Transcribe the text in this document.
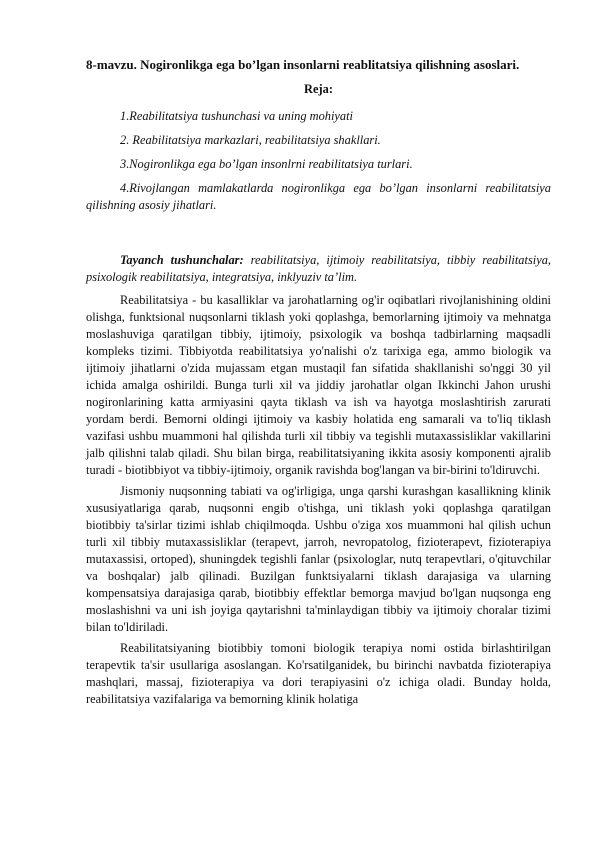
8-mavzu. Nogironlikga ega bo’lgan insonlarni reablitatsiya qilishning asoslari.
Reja:
1.Reabilitatsiya tushunchasi va uning mohiyati
2. Reabilitatsiya markazlari, reabilitatsiya shakllari.
3.Nogironlikga ega bo’lgan insonlrni reabilitatsiya turlari.
4.Rivojlangan mamlakatlarda nogironlikga ega bo’lgan insonlarni reabilitatsiya qilishning asosiy jihatlari.
Tayanch tushunchalar: reabilitatsiya, ijtimoiy reabilitatsiya, tibbiy reabilitatsiya, psixologik reabilitatsiya, integratsiya, inklyuziv ta’lim.
Reabilitatsiya - bu kasalliklar va jarohatlarning og'ir oqibatlari rivojlanishining oldini olishga, funktsional nuqsonlarni tiklash yoki qoplashga, bemorlarning ijtimoiy va mehnatga moslashuviga qaratilgan tibbiy, ijtimoiy, psixologik va boshqa tadbirlarning maqsadli kompleks tizimi. Tibbiyotda reabilitatsiya yo'nalishi o'z tarixiga ega, ammo biologik va ijtimoiy jihatlarni o'zida mujassam etgan mustaqil fan sifatida shakllanishi so'nggi 30 yil ichida amalga oshirildi. Bunga turli xil va jiddiy jarohatlar olgan Ikkinchi Jahon urushi nogironlarining katta armiyasini qayta tiklash va ish va hayotga moslashtirish zarurati yordam berdi. Bemorni oldingi ijtimoiy va kasbiy holatida eng samarali va to'liq tiklash vazifasi ushbu muammoni hal qilishda turli xil tibbiy va tegishli mutaxassisliklar vakillarini jalb qilishni talab qiladi. Shu bilan birga, reabilitatsiyaning ikkita asosiy komponenti ajralib turadi - biotibbiyot va tibbiy-ijtimoiy, organik ravishda bog'langan va bir-birini to'ldiruvchi.
Jismoniy nuqsonning tabiati va og'irligiga, unga qarshi kurashgan kasallikning klinik xususiyatlariga qarab, nuqsonni engib o'tishga, uni tiklash yoki qoplashga qaratilgan biotibbiy ta'sirlar tizimi ishlab chiqilmoqda. Ushbu o'ziga xos muammoni hal qilish uchun turli xil tibbiy mutaxassisliklar (terapevt, jarroh, nevropatolog, fizioterapevt, fizioterapiya mutaxassisi, ortoped), shuningdek tegishli fanlar (psixologlar, nutq terapevtlari, o'qituvchilar va boshqalar) jalb qilinadi. Buzilgan funktsiyalarni tiklash darajasiga va ularning kompensatsiya darajasiga qarab, biotibbiy effektlar bemorga mavjud bo'lgan nuqsonga eng moslashishni va uni ish joyiga qaytarishni ta'minlaydigan tibbiy va ijtimoiy choralar tizimi bilan to'ldiriladi.
Reabilitatsiyaning biotibbiy tomoni biologik terapiya nomi ostida birlashtirilgan terapevtik ta'sir usullariga asoslangan. Ko'rsatilganidek, bu birinchi navbatda fizioterapiya mashqlari, massaj, fizioterapiya va dori terapiyasini o'z ichiga oladi. Bunday holda, reabilitatsiya vazifalariga va bemorning klinik holatiga
